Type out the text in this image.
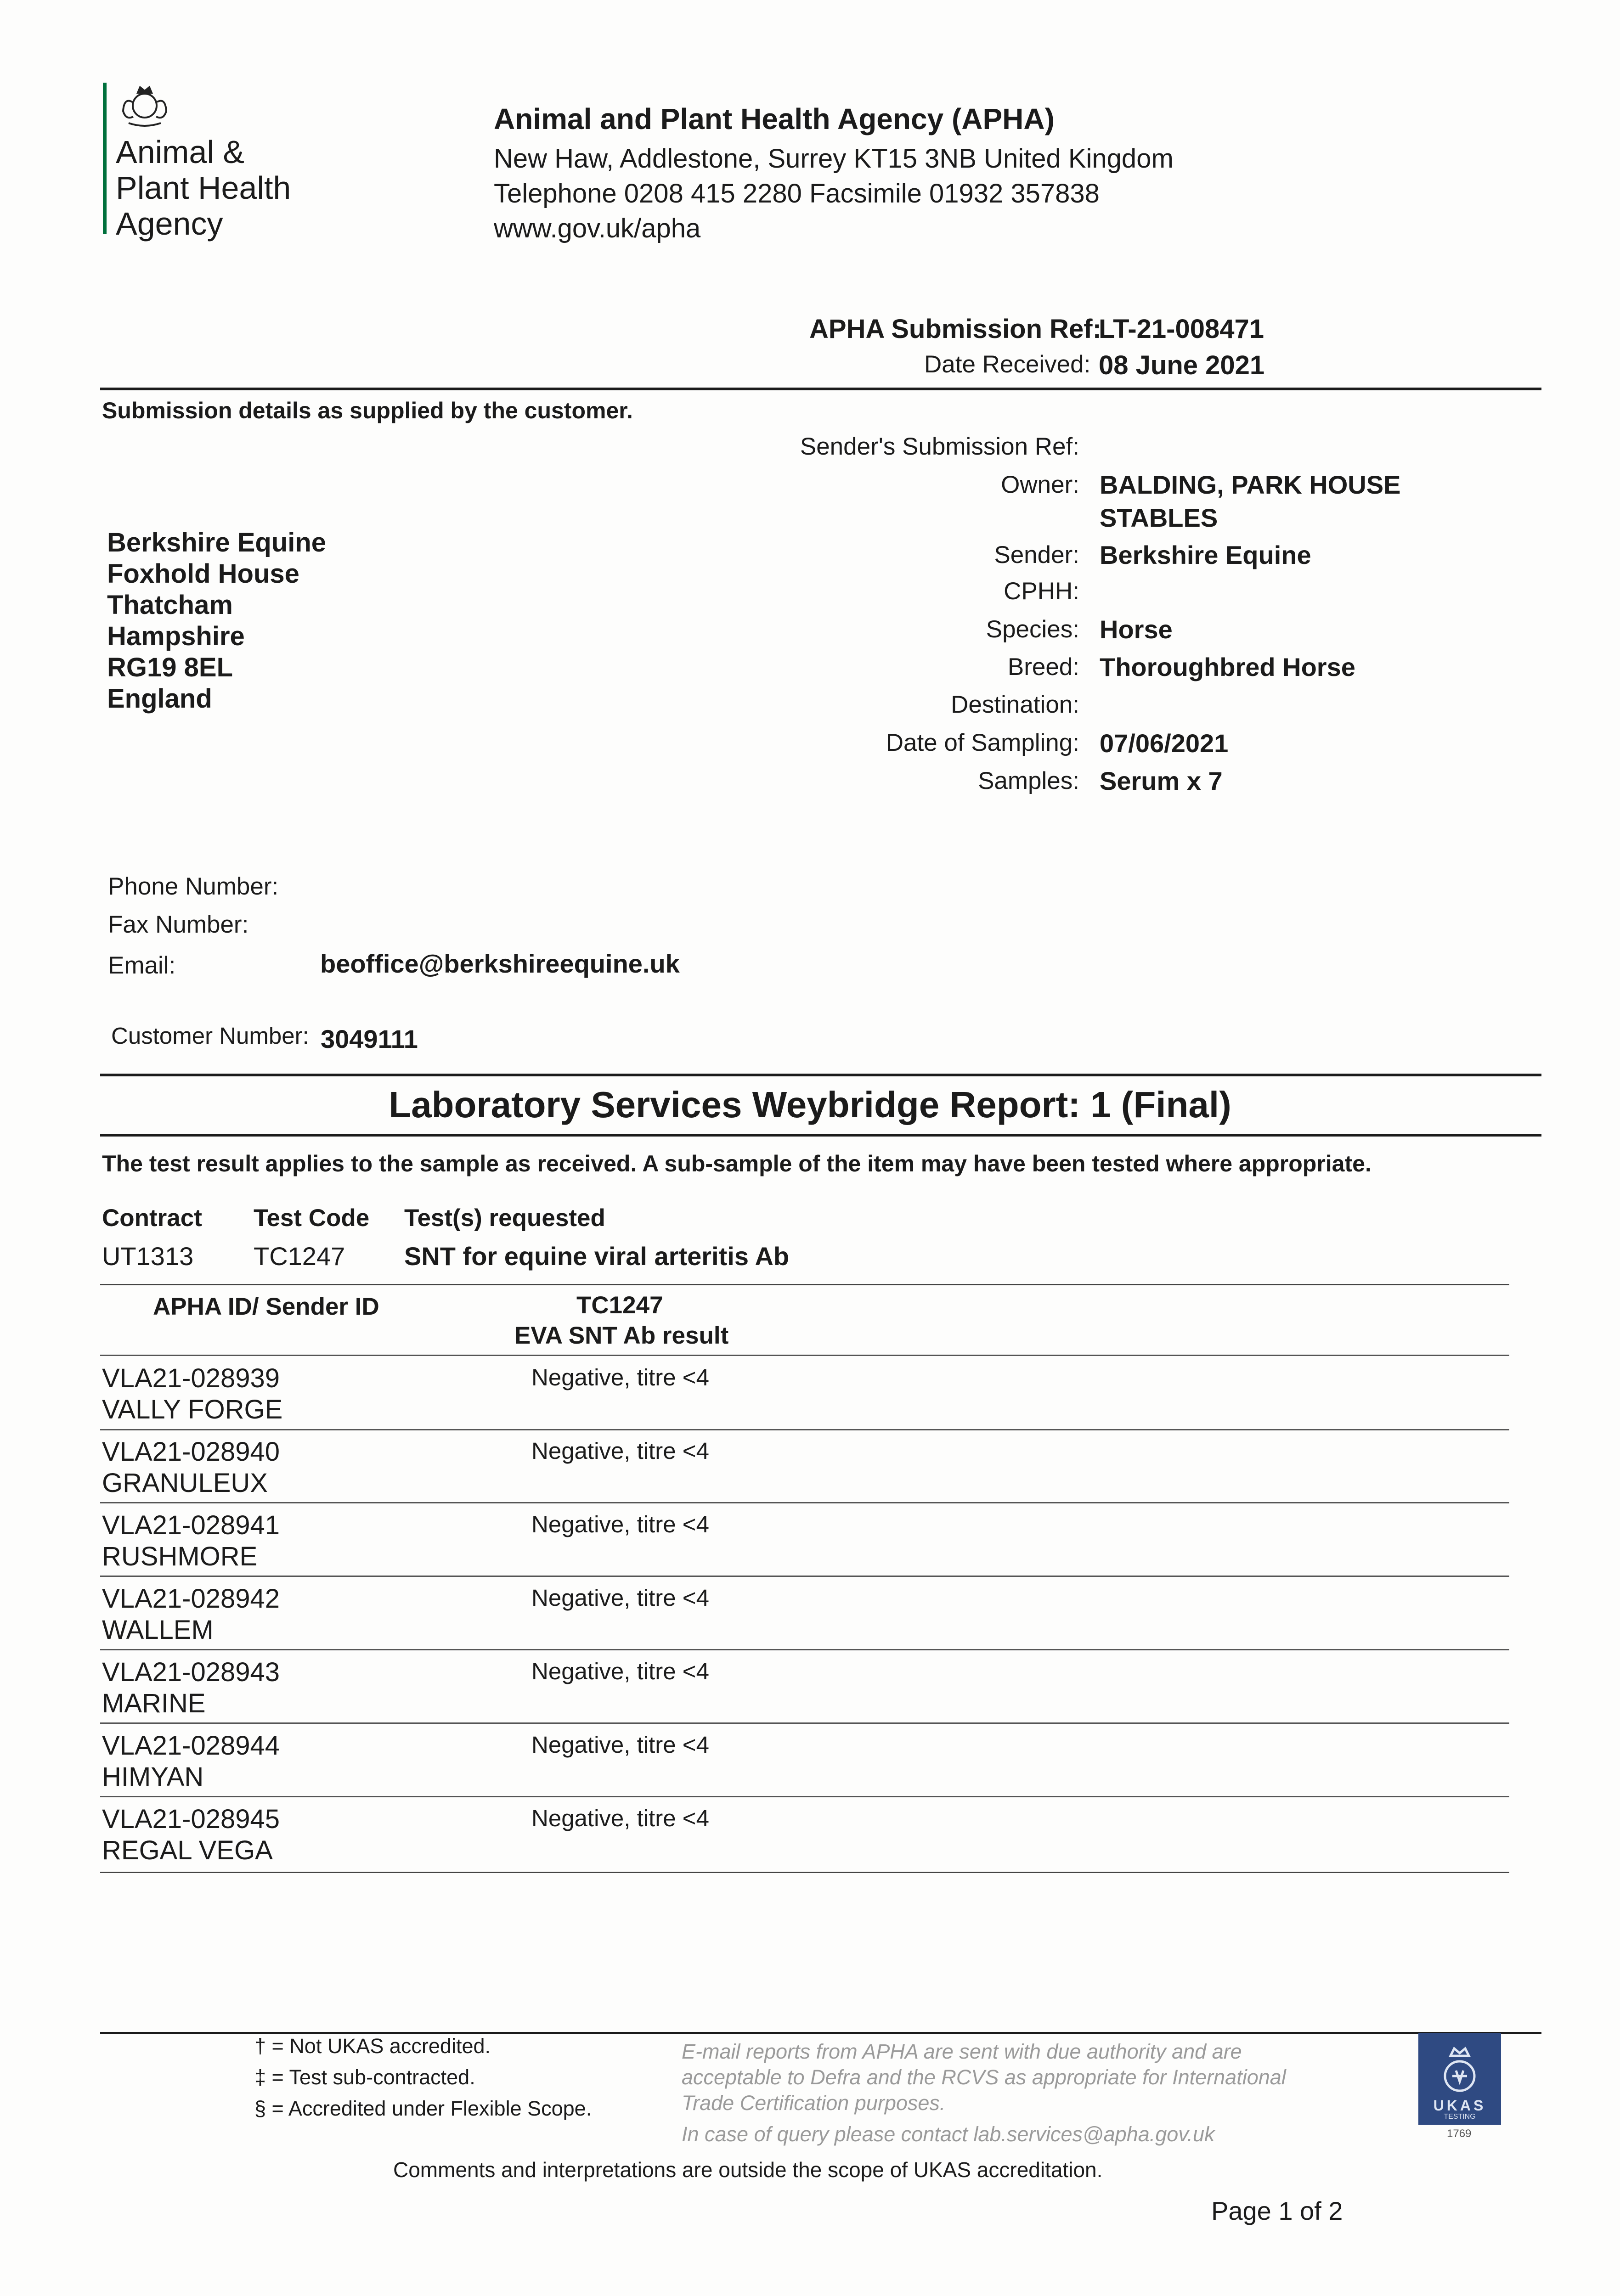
Animal &
Plant Health
Agency
Animal and Plant Health Agency (APHA)
New Haw, Addlestone, Surrey KT15 3NB United Kingdom
Telephone 0208 415 2280 Facsimile 01932 357838
www.gov.uk/apha
APHA Submission Ref:
LT-21-008471
Date Received: 08 June 2021
Submission details as supplied by the customer.
Berkshire Equine
Foxhold House
Thatcham
Hampshire
RG19 8EL
England
Sender's Submission Ref:
Owner: BALDING, PARK HOUSE
STABLES
Sender: Berkshire Equine
CPHH:
Species: Horse
Breed: Thoroughbred Horse
Destination:
Date of Sampling: 07/06/2021
Samples: Serum x 7
Phone Number:
Fax Number:
Email:	beoffice@berkshireequine.uk
Customer Number: 3049111
Laboratory Services Weybridge Report: 1 (Final)
The test result applies to the sample as received. A sub-sample of the item may have been tested where appropriate.
Contract Test Code Test(s) requested
UT1313 TC1247 SNT for equine viral arteritis Ab
APHA ID/ Sender ID	TC1247
EVA SNT Ab result
VLA21-028939
VALLY FORGE
Negative, titre <4
VLA21-028940
GRANULEUX
Negative, titre <4
VLA21-028941
RUSHMORE
Negative, titre <4
VLA21-028942
WALLEM
Negative, titre <4
VLA21-028943
MARINE
Negative, titre <4
VLA21-028944
HIMYAN
Negative, titre <4
VLA21-028945
REGAL VEGA
Negative, titre <4
† = Not UKAS accredited.
‡ = Test sub-contracted.
§ = Accredited under Flexible Scope.
E-mail reports from APHA are sent with due authority and are
acceptable to Defra and the RCVS as appropriate for International
Trade Certification purposes.
In case of query please contact lab.services@apha.gov.uk
UKAS
TESTING
1769
Comments and interpretations are outside the scope of UKAS accreditation.
Page 1 of 2
